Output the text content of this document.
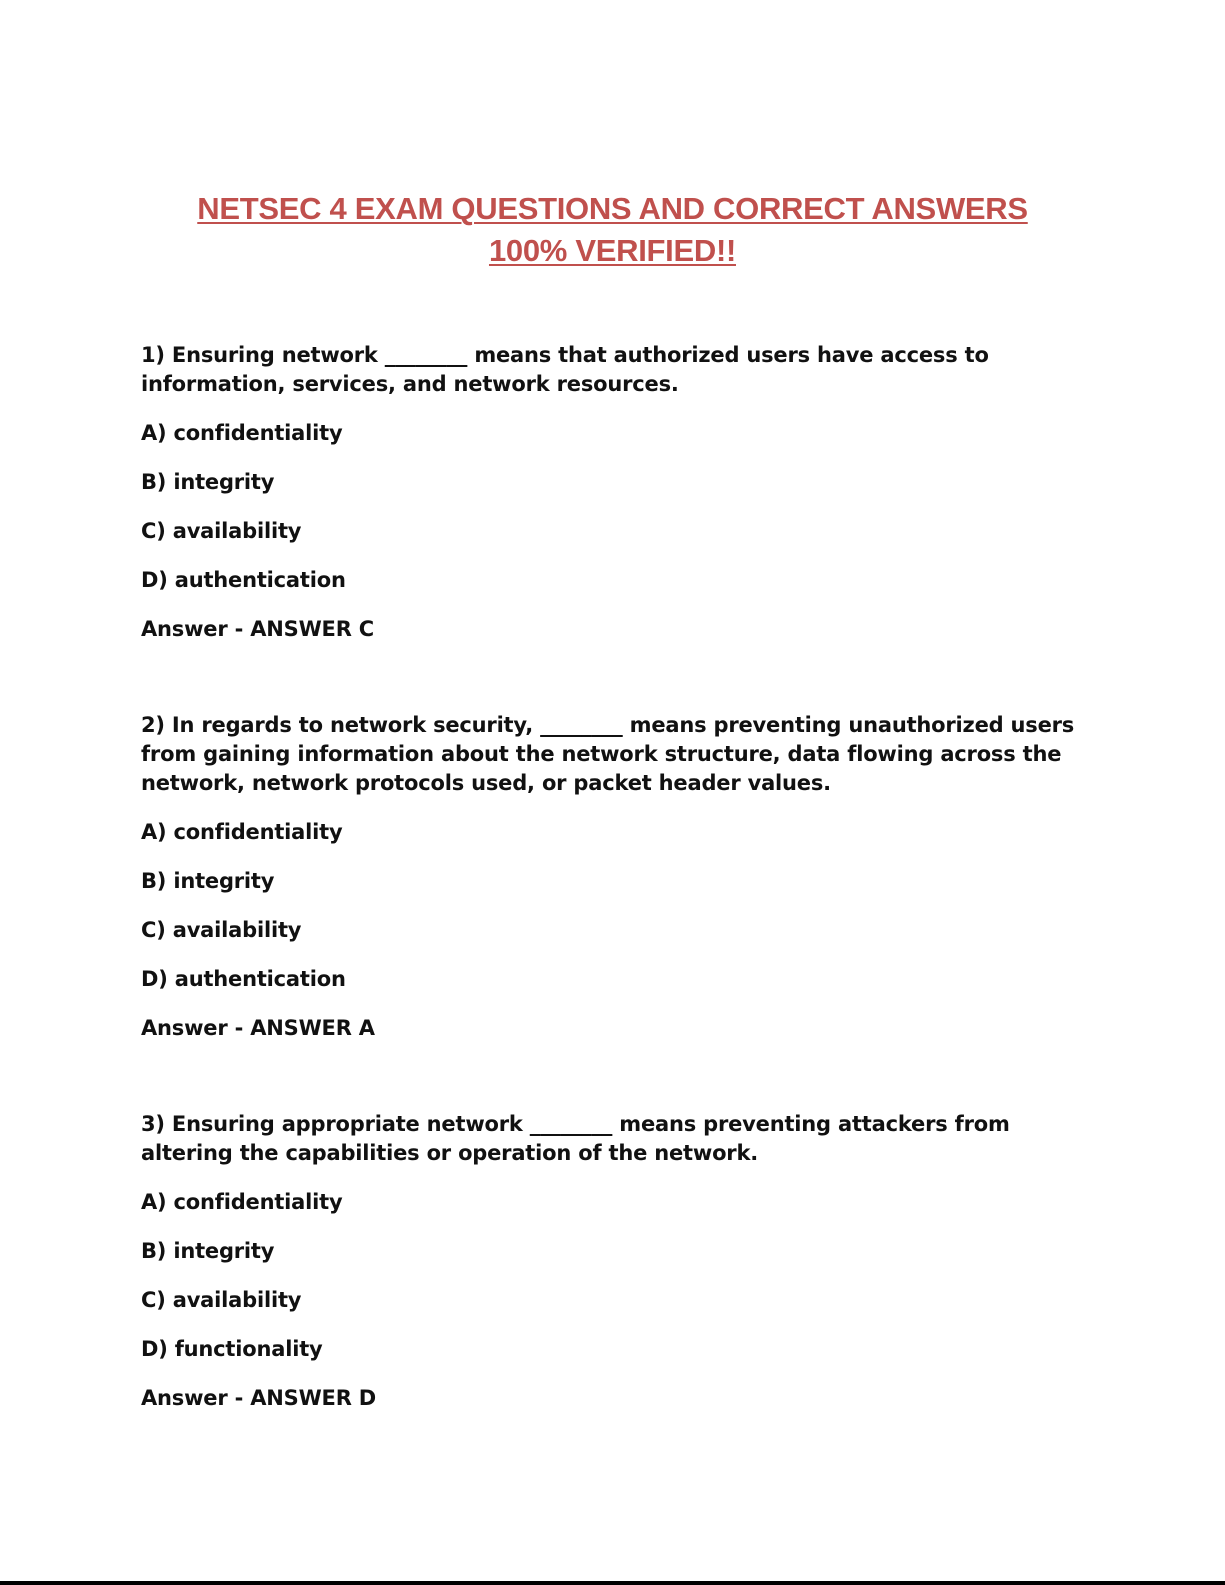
NETSEC 4 EXAM QUESTIONS AND CORRECT ANSWERS
100% VERIFIED!!

1) Ensuring network ________ means that authorized users have access to information, services, and network resources.

A) confidentiality

B) integrity

C) availability

D) authentication

Answer - ANSWER C

2) In regards to network security, ________ means preventing unauthorized users from gaining information about the network structure, data flowing across the network, network protocols used, or packet header values.

A) confidentiality

B) integrity

C) availability

D) authentication

Answer - ANSWER A

3) Ensuring appropriate network ________ means preventing attackers from altering the capabilities or operation of the network.

A) confidentiality

B) integrity

C) availability

D) functionality

Answer - ANSWER D
